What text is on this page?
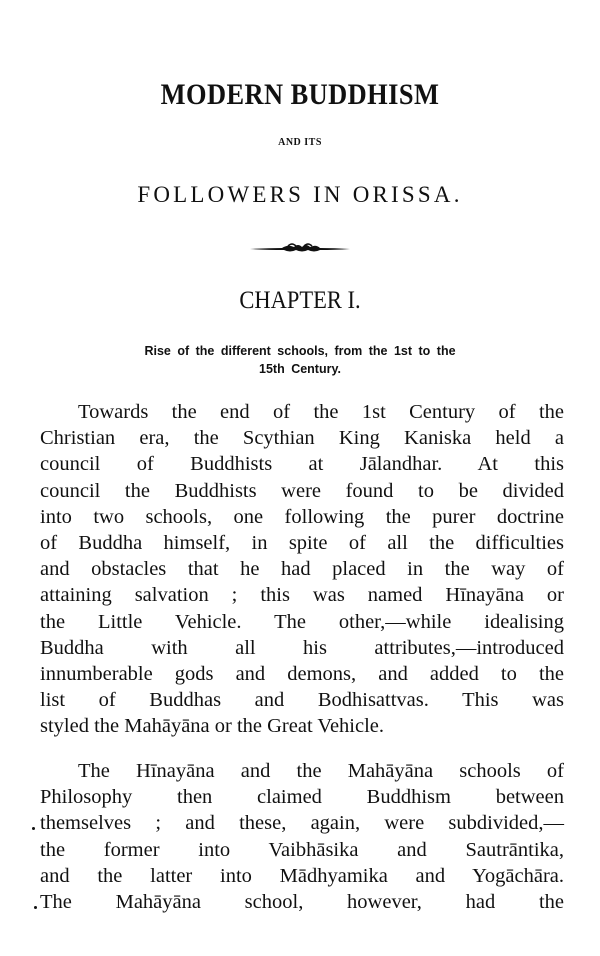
MODERN BUDDHISM
AND ITS
FOLLOWERS IN ORISSA.
CHAPTER I.
Rise of the different schools, from the 1st to the
15th Century.
Towards the end of the 1st Century of the
Christian era, the Scythian King Kaniska held a
council of Buddhists at Jālandhar. At this
council the Buddhists were found to be divided
into two schools, one following the purer doctrine
of Buddha himself, in spite of all the difficulties
and obstacles that he had placed in the way of
attaining salvation ; this was named Hīnayāna or
the Little Vehicle. The other,—while idealising
Buddha with all his attributes,—introduced
innumberable gods and demons, and added to the
list of Buddhas and Bodhisattvas. This was
styled the Mahāyāna or the Great Vehicle.
The Hīnayāna and the Mahāyāna schools of
Philosophy then claimed Buddhism between
themselves ; and these, again, were subdivided,—
the former into Vaibhāsika and Sautrāntika,
and the latter into Mādhyamika and Yogāchāra.
The Mahāyāna school, however, had the
